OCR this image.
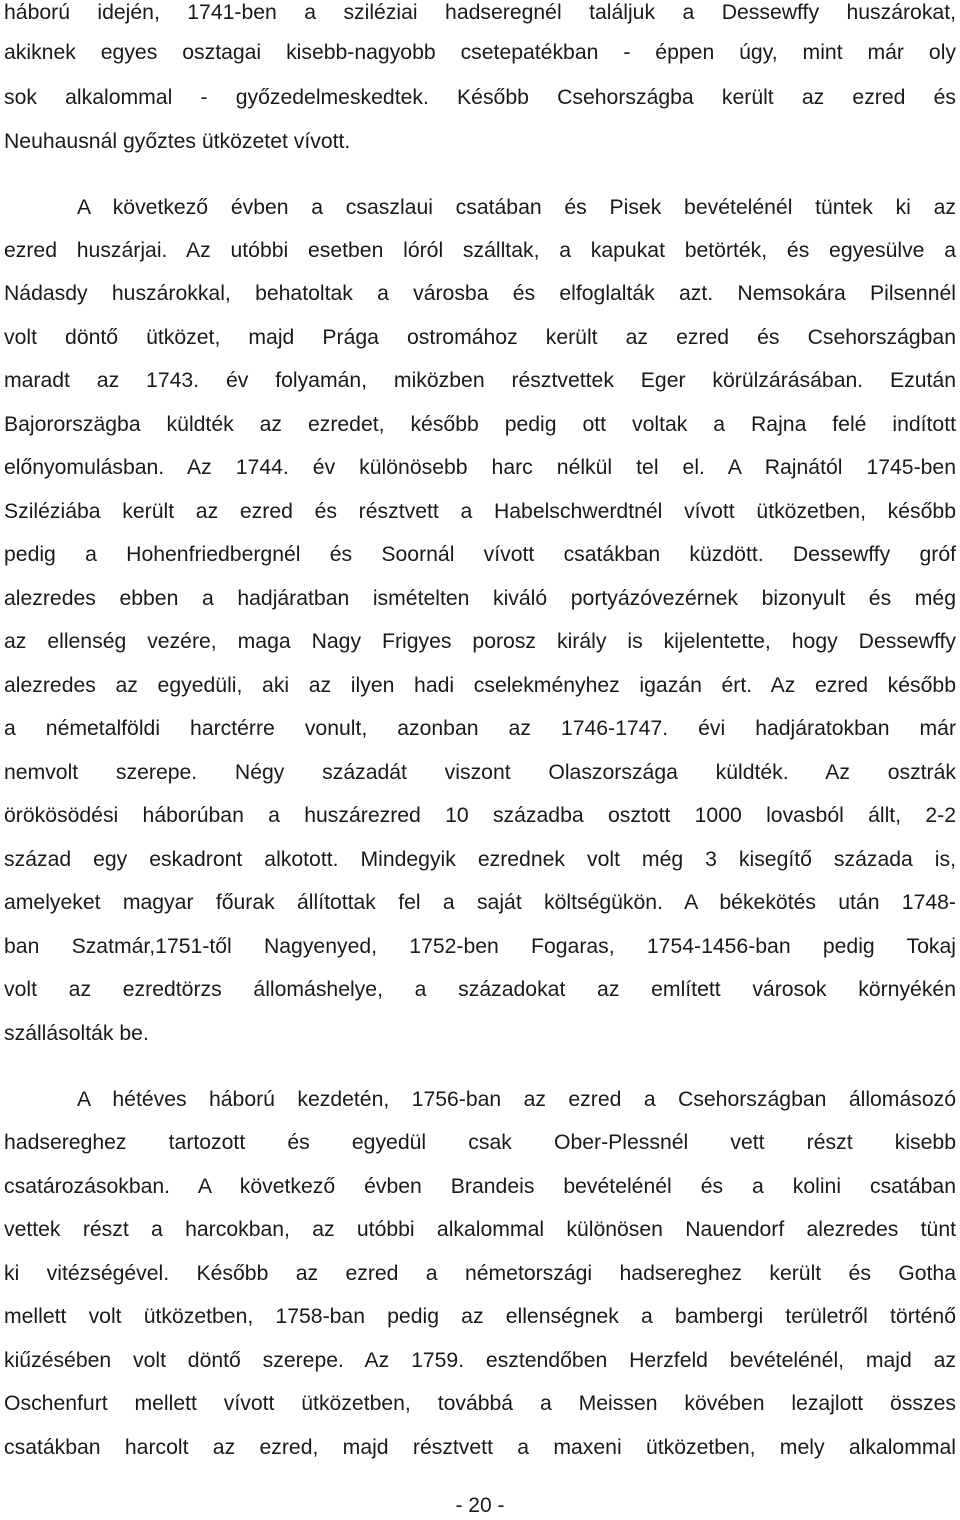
háború idején, 1741-ben a sziléziai hadseregnél találjuk a Dessewffy huszárokat,
akiknek egyes osztagai kisebb-nagyobb csetepatékban - éppen úgy, mint már oly
sok alkalommal - győzedelmeskedtek. Később Csehországba került az ezred és
Neuhausnál győztes ütközetet vívott.
A következő évben a csaszlaui csatában és Pisek bevételénél tüntek ki az
ezred huszárjai. Az utóbbi esetben lóról szálltak, a kapukat betörték, és egyesülve a
Nádasdy huszárokkal, behatoltak a városba és elfoglalták azt. Nemsokára Pilsennél
volt döntő ütközet, majd Prága ostromához került az ezred és Csehországban
maradt az 1743. év folyamán, miközben résztvettek Eger körülzárásában. Ezután
Bajororszägba küldték az ezredet, később pedig ott voltak a Rajna felé indított
előnyomulásban. Az 1744. év különösebb harc nélkül tel el. A Rajnától 1745-ben
Sziléziába került az ezred és résztvett a Habelschwerdtnél vívott ütközetben, később
pedig a Hohenfriedbergnél és Soornál vívott csatákban küzdött. Dessewffy gróf
alezredes ebben a hadjáratban ismételten kiváló portyázóvezérnek bizonyult és még
az ellenség vezére, maga Nagy Frigyes porosz király is kijelentette, hogy Dessewffy
alezredes az egyedüli, aki az ilyen hadi cselekményhez igazán ért. Az ezred később
a németalföldi harctérre vonult, azonban az 1746-1747. évi hadjáratokban már
nemvolt szerepe. Négy századát viszont Olaszországa küldték. Az osztrák
örökösödési háborúban a huszárezred 10 századba osztott 1000 lovasból állt, 2-2
század egy eskadront alkotott. Mindegyik ezrednek volt még 3 kisegítő százada is,
amelyeket magyar főurak állítottak fel a saját költségükön. A békekötés után 1748-
ban Szatmár,1751-től Nagyenyed, 1752-ben Fogaras, 1754-1456-ban pedig Tokaj
volt az ezredtörzs állomáshelye, a századokat az említett városok környékén
szállásolták be.
A hétéves háború kezdetén, 1756-ban az ezred a Csehországban állomásozó
hadsereghez tartozott és egyedül csak Ober-Plessnél vett részt kisebb
csatározásokban. A következő évben Brandeis bevételénél és a kolini csatában
vettek részt a harcokban, az utóbbi alkalommal különösen Nauendorf alezredes tünt
ki vitézségével. Később az ezred a németországi hadsereghez került és Gotha
mellett volt ütközetben, 1758-ban pedig az ellenségnek a bambergi területről történő
kiűzésében volt döntő szerepe. Az 1759. esztendőben Herzfeld bevételénél, majd az
Oschenfurt mellett vívott ütközetben, továbbá a Meissen kövében lezajlott összes
csatákban harcolt az ezred, majd résztvett a maxeni ütközetben, mely alkalommal
- 20 -
